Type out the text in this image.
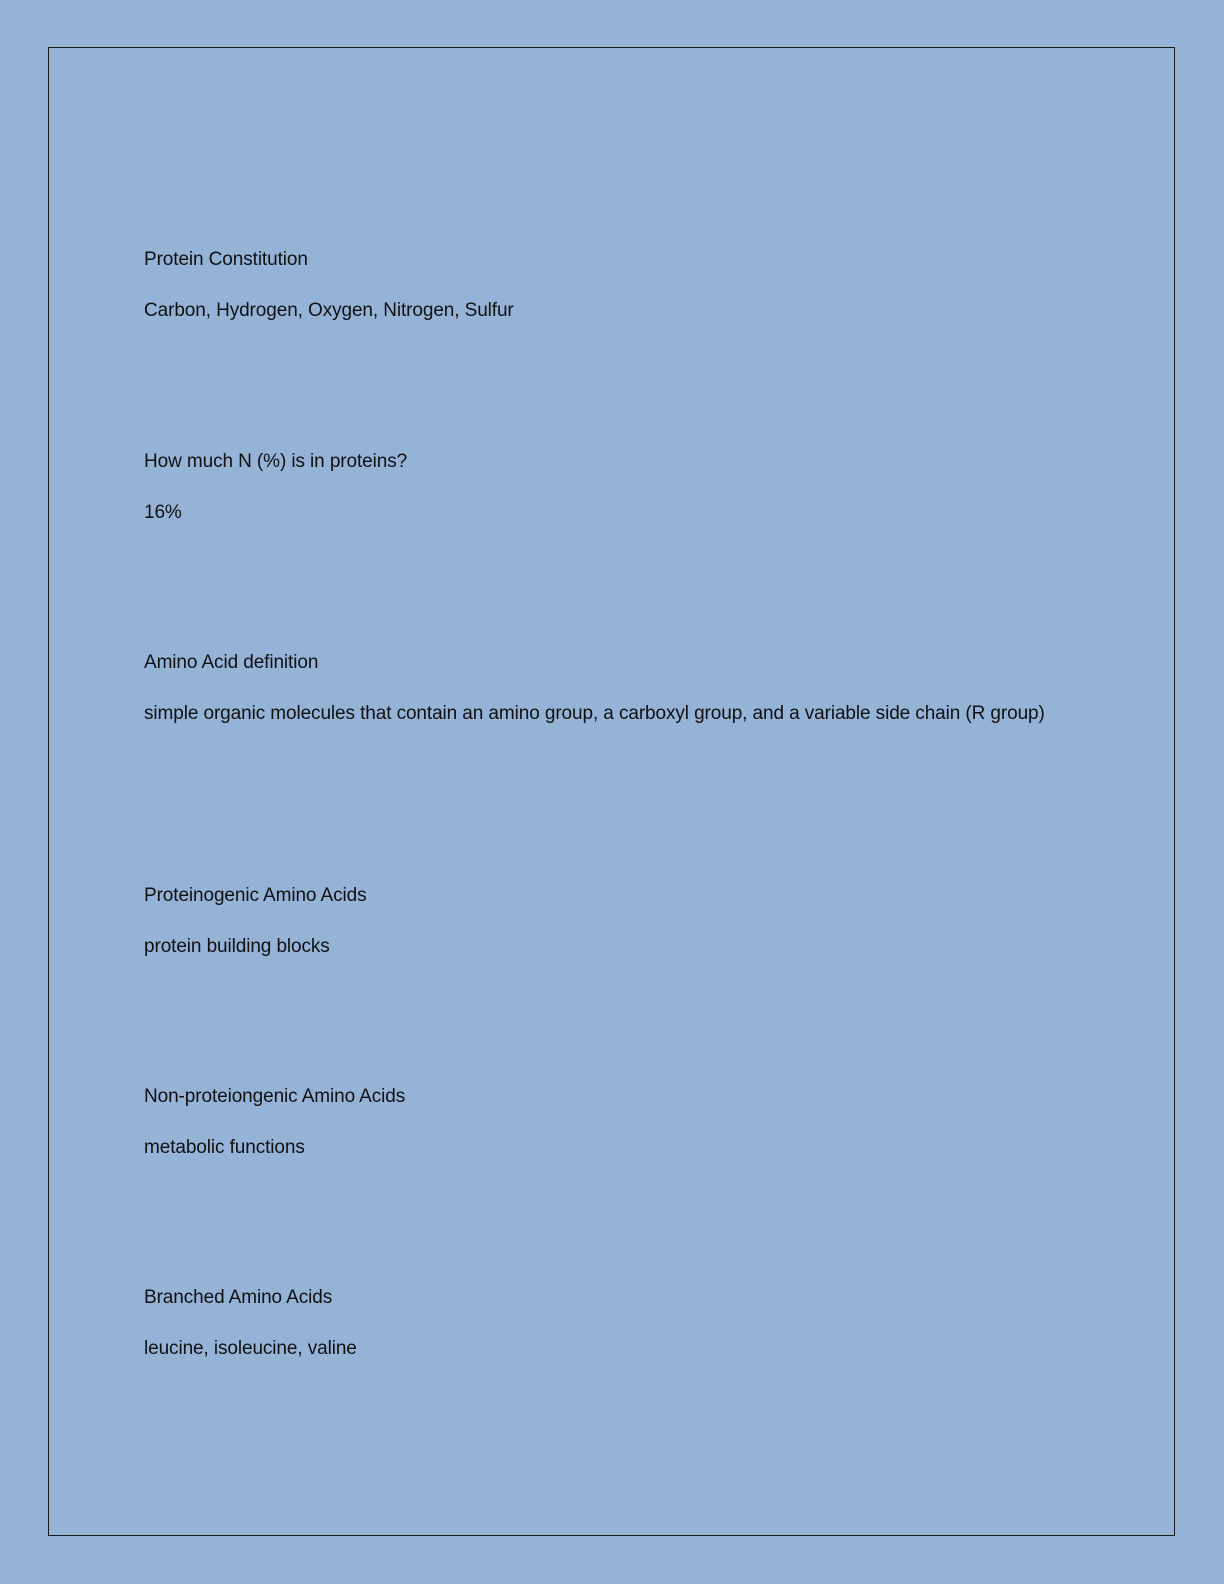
Protein Constitution

Carbon, Hydrogen, Oxygen, Nitrogen, Sulfur

How much N (%) is in proteins?

16%

Amino Acid definition

simple organic molecules that contain an amino group, a carboxyl group, and a variable side chain (R group)

Proteinogenic Amino Acids

protein building blocks

Non-proteiongenic Amino Acids

metabolic functions

Branched Amino Acids

leucine, isoleucine, valine
